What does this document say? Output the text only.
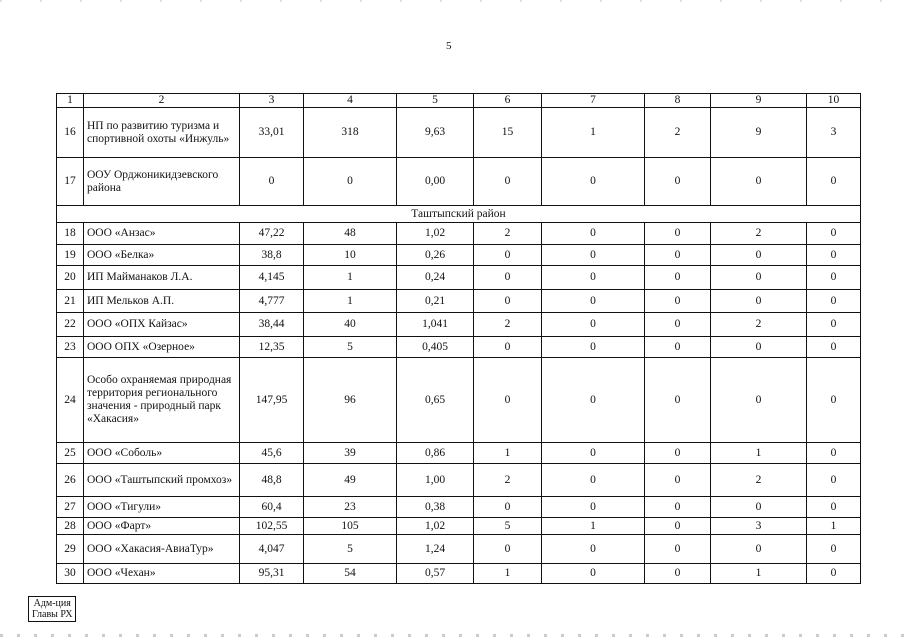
5
1	2	3	4	5	6	7	8	9	10
16	НП по развитию туризма и спортивной охоты «Инжуль»	33,01	318	9,63	15	1	2	9	3
17	ООУ Орджоникидзевского района	0	0	0,00	0	0	0	0	0
Таштыпский район									
18	ООО «Анзас»	47,22	48	1,02	2	0	0	2	0
19	ООО «Белка»	38,8	10	0,26	0	0	0	0	0
20	ИП Майманаков Л.А.	4,145	1	0,24	0	0	0	0	0
21	ИП Мельков А.П.	4,777	1	0,21	0	0	0	0	0
22	ООО «ОПХ Кайзас»	38,44	40	1,041	2	0	0	2	0
23	ООО ОПХ «Озерное»	12,35	5	0,405	0	0	0	0	0
24	Особо охраняемая природная территория регионального значения - природный парк «Хакасия»	147,95	96	0,65	0	0	0	0	0
25	ООО «Соболь»	45,6	39	0,86	1	0	0	1	0
26	ООО «Таштыпский промхоз»	48,8	49	1,00	2	0	0	2	0
27	ООО «Тигули»	60,4	23	0,38	0	0	0	0	0
28	ООО «Фарт»	102,55	105	1,02	5	1	0	3	1
29	ООО «Хакасия-АвиаТур»	4,047	5	1,24	0	0	0	0	0
30	ООО «Чехан»	95,31	54	0,57	1	0	0	1	0
Адм-ция
Главы РХ
